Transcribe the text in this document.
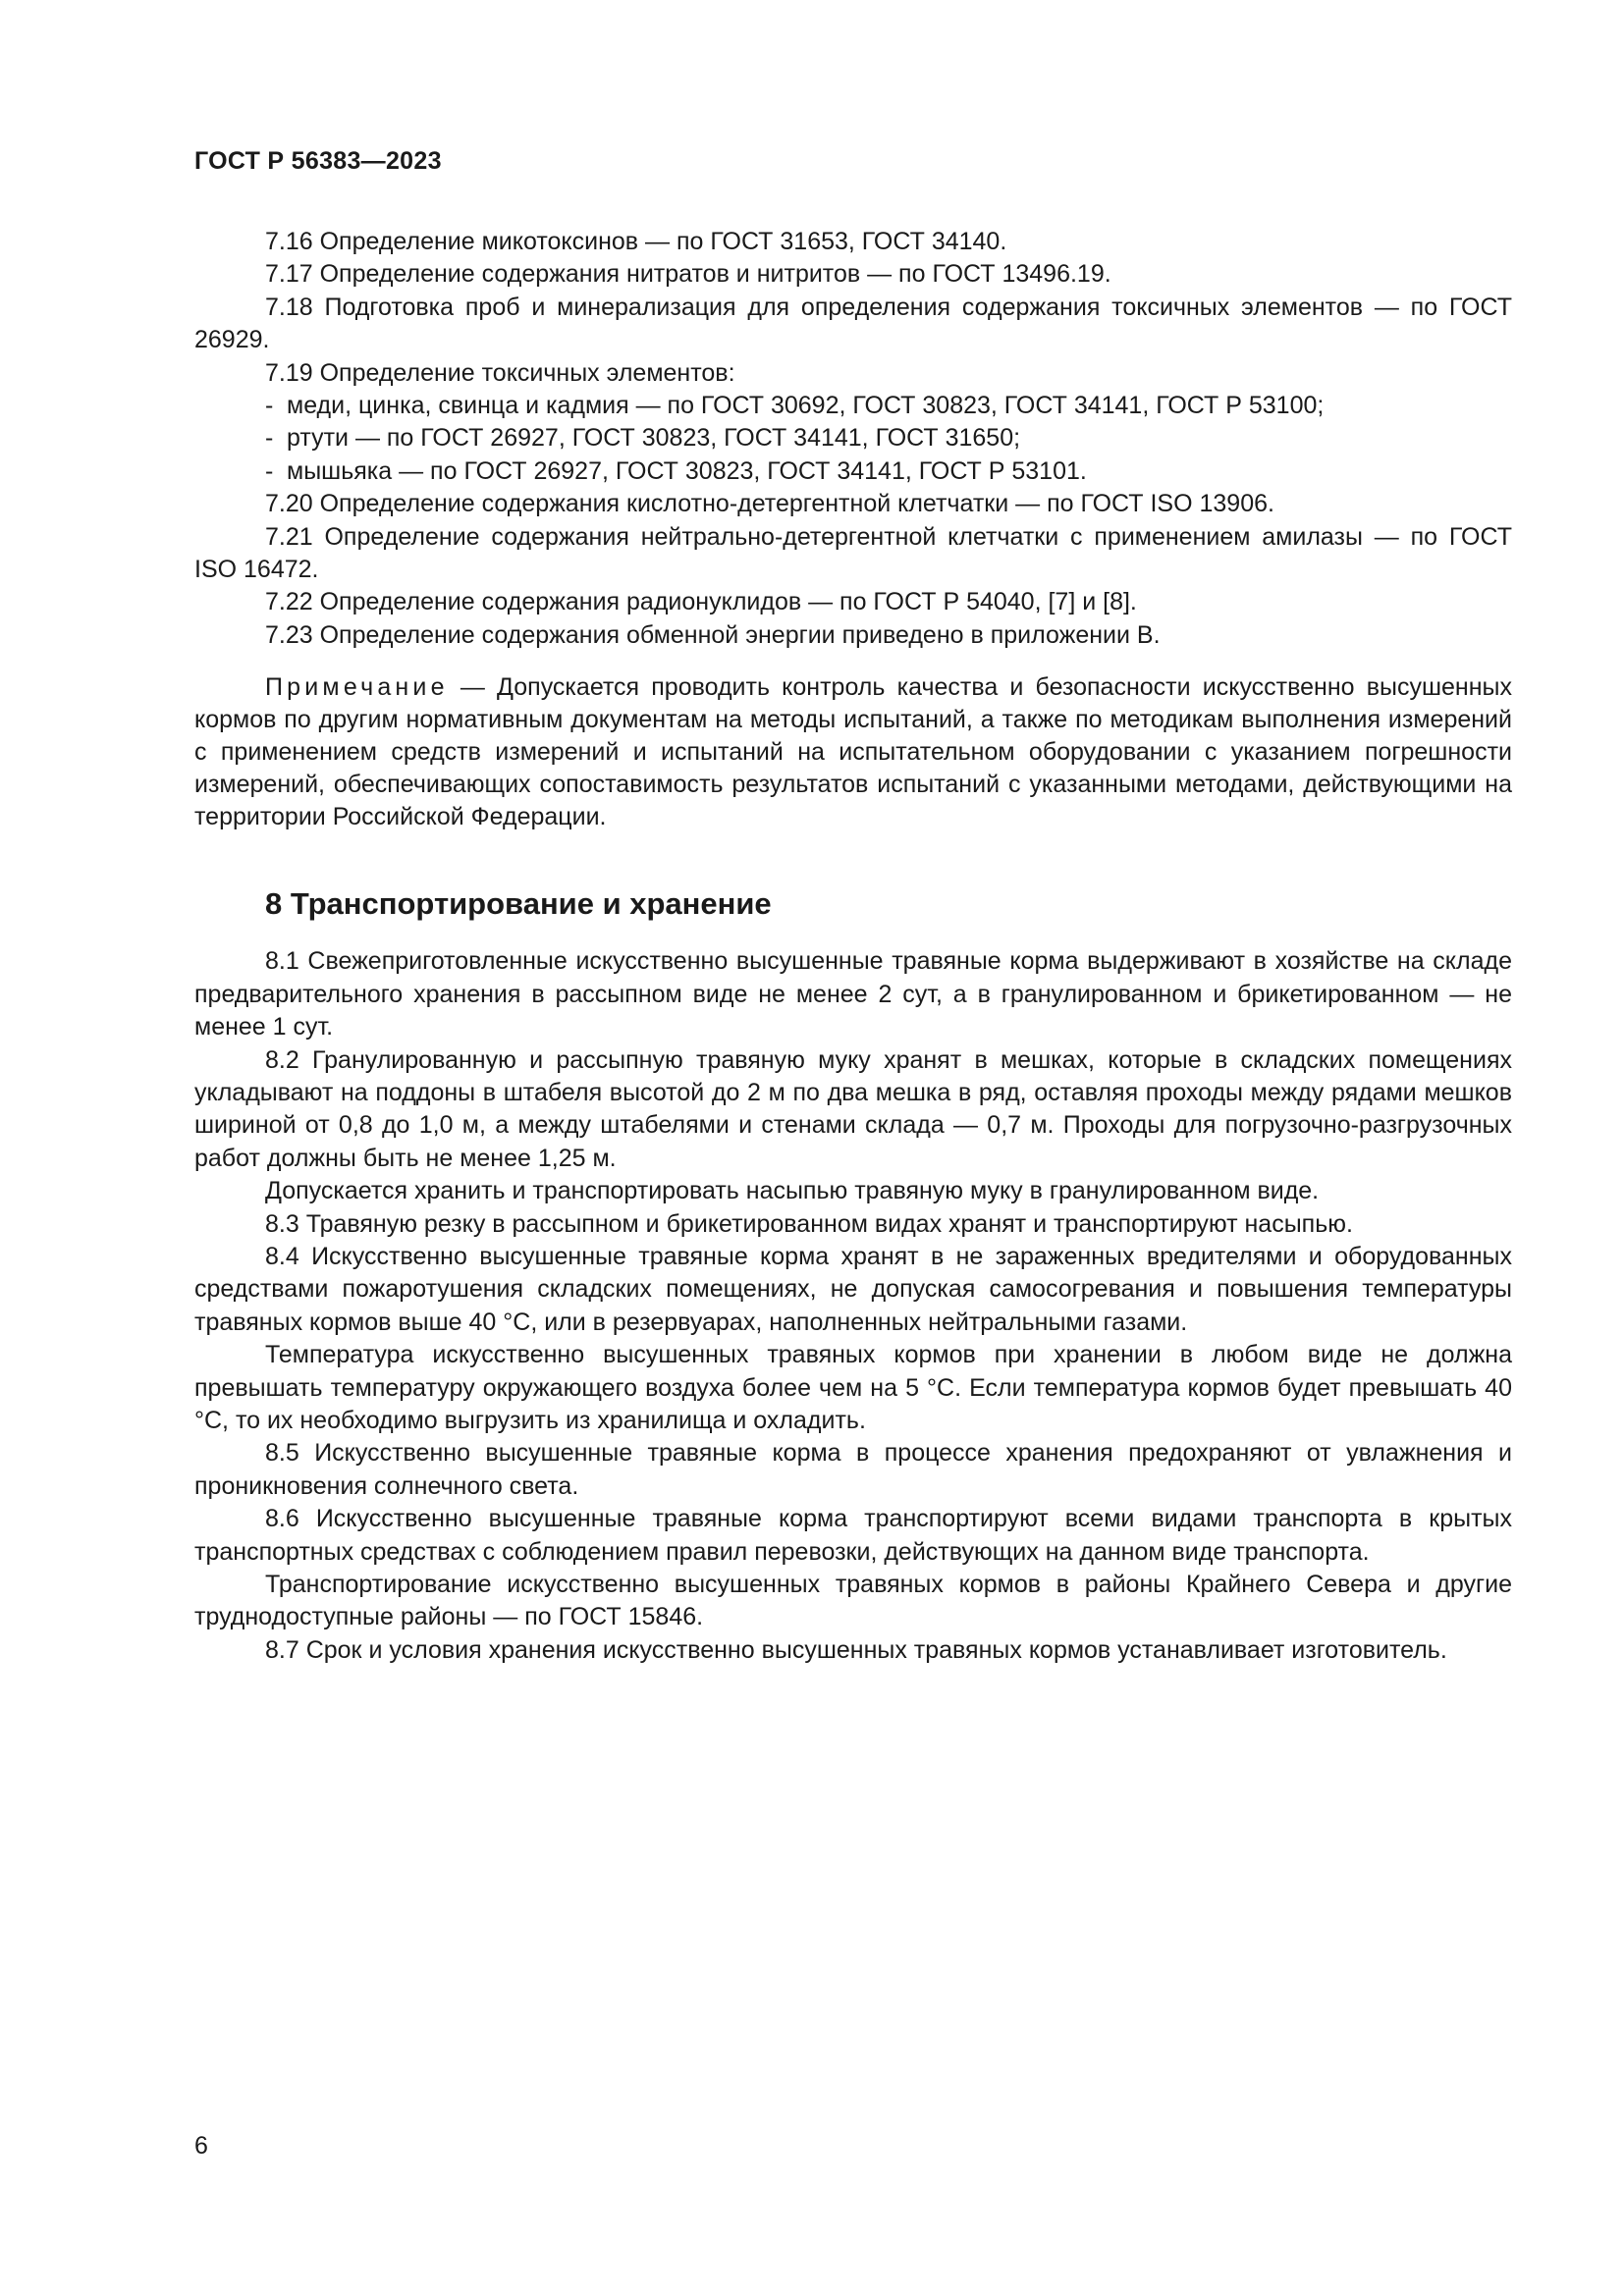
ГОСТ Р 56383—2023

7.16 Определение микотоксинов — по ГОСТ 31653, ГОСТ 34140.

7.17 Определение содержания нитратов и нитритов — по ГОСТ 13496.19.

7.18 Подготовка проб и минерализация для определения содержания токсичных элементов — по ГОСТ 26929.

7.19 Определение токсичных элементов:

- меди, цинка, свинца и кадмия — по ГОСТ 30692, ГОСТ 30823, ГОСТ 34141, ГОСТ Р 53100;

- ртути — по ГОСТ 26927, ГОСТ 30823, ГОСТ 34141, ГОСТ 31650;

- мышьяка — по ГОСТ 26927, ГОСТ 30823, ГОСТ 34141, ГОСТ Р 53101.

7.20 Определение содержания кислотно-детергентной клетчатки — по ГОСТ ISO 13906.

7.21 Определение содержания нейтрально-детергентной клетчатки с применением амилазы — по ГОСТ ISO 16472.

7.22 Определение содержания радионуклидов — по ГОСТ Р 54040, [7] и [8].

7.23 Определение содержания обменной энергии приведено в приложении В.

Примечание — Допускается проводить контроль качества и безопасности искусственно высушенных кормов по другим нормативным документам на методы испытаний, а также по методикам выполнения измерений с применением средств измерений и испытаний на испытательном оборудовании с указанием погрешности измерений, обеспечивающих сопоставимость результатов испытаний с указанными методами, действующими на территории Российской Федерации.

8 Транспортирование и хранение

8.1 Свежеприготовленные искусственно высушенные травяные корма выдерживают в хозяйстве на складе предварительного хранения в рассыпном виде не менее 2 сут, а в гранулированном и брикетированном — не менее 1 сут.

8.2 Гранулированную и рассыпную травяную муку хранят в мешках, которые в складских помещениях укладывают на поддоны в штабеля высотой до 2 м по два мешка в ряд, оставляя проходы между рядами мешков шириной от 0,8 до 1,0 м, а между штабелями и стенами склада — 0,7 м. Проходы для погрузочно-разгрузочных работ должны быть не менее 1,25 м.

Допускается хранить и транспортировать насыпью травяную муку в гранулированном виде.

8.3 Травяную резку в рассыпном и брикетированном видах хранят и транспортируют насыпью.

8.4 Искусственно высушенные травяные корма хранят в не зараженных вредителями и оборудованных средствами пожаротушения складских помещениях, не допуская самосогревания и повышения температуры травяных кормов выше 40 °С, или в резервуарах, наполненных нейтральными газами.

Температура искусственно высушенных травяных кормов при хранении в любом виде не должна превышать температуру окружающего воздуха более чем на 5 °С. Если температура кормов будет превышать 40 °С, то их необходимо выгрузить из хранилища и охладить.

8.5 Искусственно высушенные травяные корма в процессе хранения предохраняют от увлажнения и проникновения солнечного света.

8.6 Искусственно высушенные травяные корма транспортируют всеми видами транспорта в крытых транспортных средствах с соблюдением правил перевозки, действующих на данном виде транспорта.

Транспортирование искусственно высушенных травяных кормов в районы Крайнего Севера и другие труднодоступные районы — по ГОСТ 15846.

8.7 Срок и условия хранения искусственно высушенных травяных кормов устанавливает изготовитель.

6
